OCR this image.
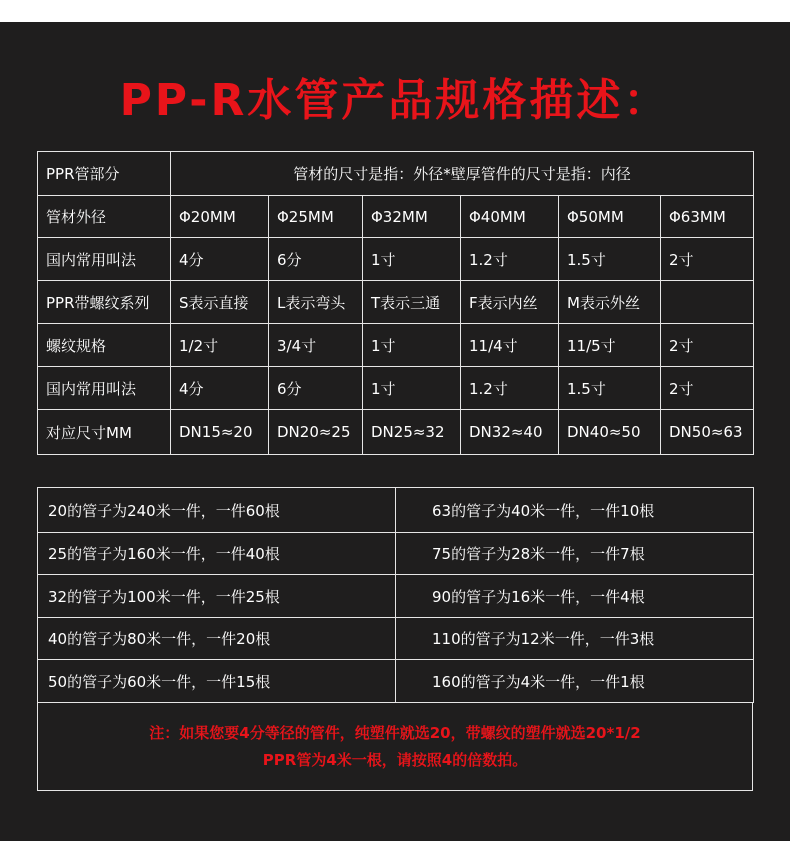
PP-R水管产品规格描述：
PPR管部分	管材的尺寸是指：外径*壁厚管件的尺寸是指：内径					
管材外径	Φ20MM	Φ25MM	Φ32MM	Φ40MM	Φ50MM	Φ63MM
国内常用叫法	4分	6分	1寸	1.2寸	1.5寸	2寸
PPR带螺纹系列	S表示直接	L表示弯头	T表示三通	F表示内丝	M表示外丝	
螺纹规格	1/2寸	3/4寸	1寸	11/4寸	11/5寸	2寸
国内常用叫法	4分	6分	1寸	1.2寸	1.5寸	2寸
对应尺寸MM	DN15≈20	DN20≈25	DN25≈32	DN32≈40	DN40≈50	DN50≈63
20的管子为240米一件，一件60根	63的管子为40米一件，一件10根
25的管子为160米一件，一件40根	75的管子为28米一件，一件7根
32的管子为100米一件，一件25根	90的管子为16米一件，一件4根
40的管子为80米一件，一件20根	110的管子为12米一件，一件3根
50的管子为60米一件，一件15根	160的管子为4米一件，一件1根
注：如果您要4分等径的管件，纯塑件就选20，带螺纹的塑件就选20*1/2
PPR管为4米一根，请按照4的倍数拍。
